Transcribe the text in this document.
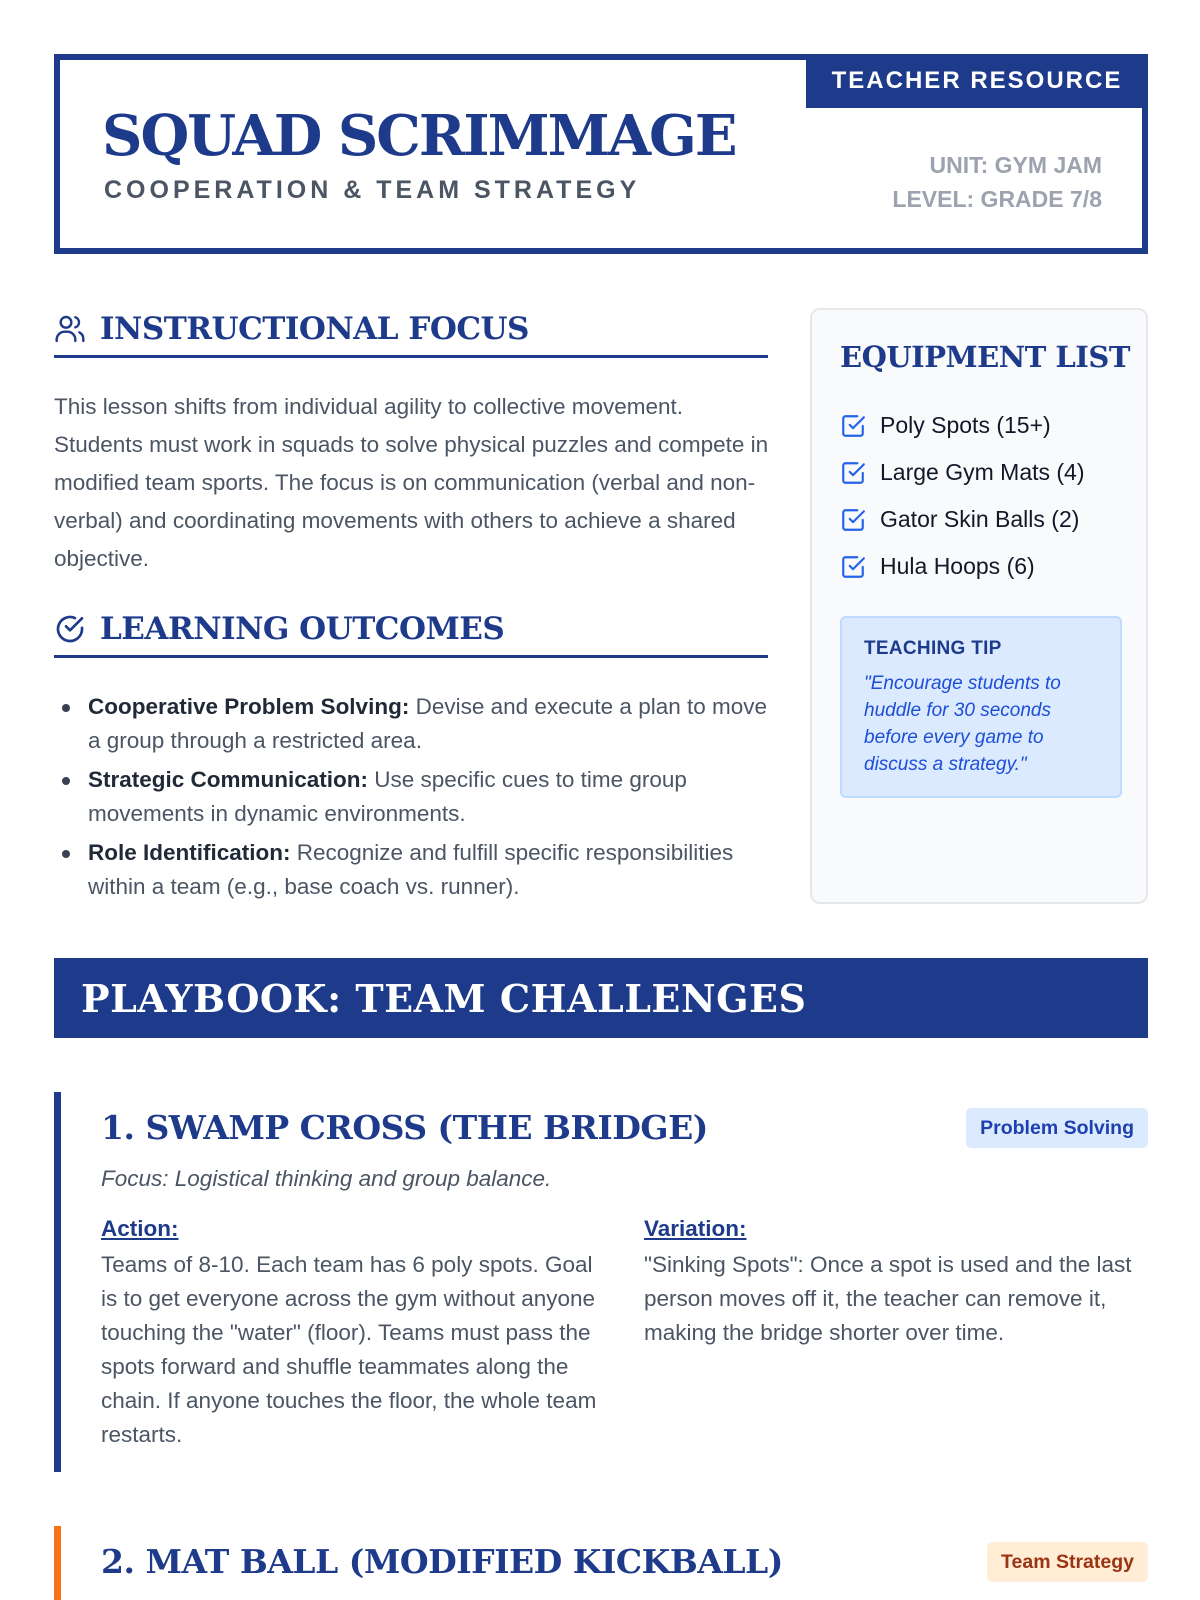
TEACHER RESOURCE
SQUAD SCRIMMAGE
COOPERATION & TEAM STRATEGY
UNIT: GYM JAM
LEVEL: GRADE 7/8
INSTRUCTIONAL FOCUS

This lesson shifts from individual agility to collective movement. Students must work in squads to solve physical puzzles and compete in modified team sports. The focus is on communication (verbal and non-verbal) and coordinating movements with others to achieve a shared objective.

LEARNING OUTCOMES
Cooperative Problem Solving: Devise and execute a plan to move a group through a restricted area.
Strategic Communication: Use specific cues to time group movements in dynamic environments.
Role Identification: Recognize and fulfill specific responsibilities within a team (e.g., base coach vs. runner).
EQUIPMENT LIST
Poly Spots (15+)
Large Gym Mats (4)
Gator Skin Balls (2)
Hula Hoops (6)
TEACHING TIP
"Encourage students to huddle for 30 seconds before every game to discuss a strategy."
PLAYBOOK: TEAM CHALLENGES
1. SWAMP CROSS (THE BRIDGE)	Problem Solving
Focus: Logistical thinking and group balance.
Action:
Teams of 8-10. Each team has 6 poly spots. Goal is to get everyone across the gym without anyone touching the "water" (floor). Teams must pass the spots forward and shuffle teammates along the chain. If anyone touches the floor, the whole team restarts.
Variation:
"Sinking Spots": Once a spot is used and the last person moves off it, the teacher can remove it, making the bridge shorter over time.
2. MAT BALL (MODIFIED KICKBALL)	Team Strategy
